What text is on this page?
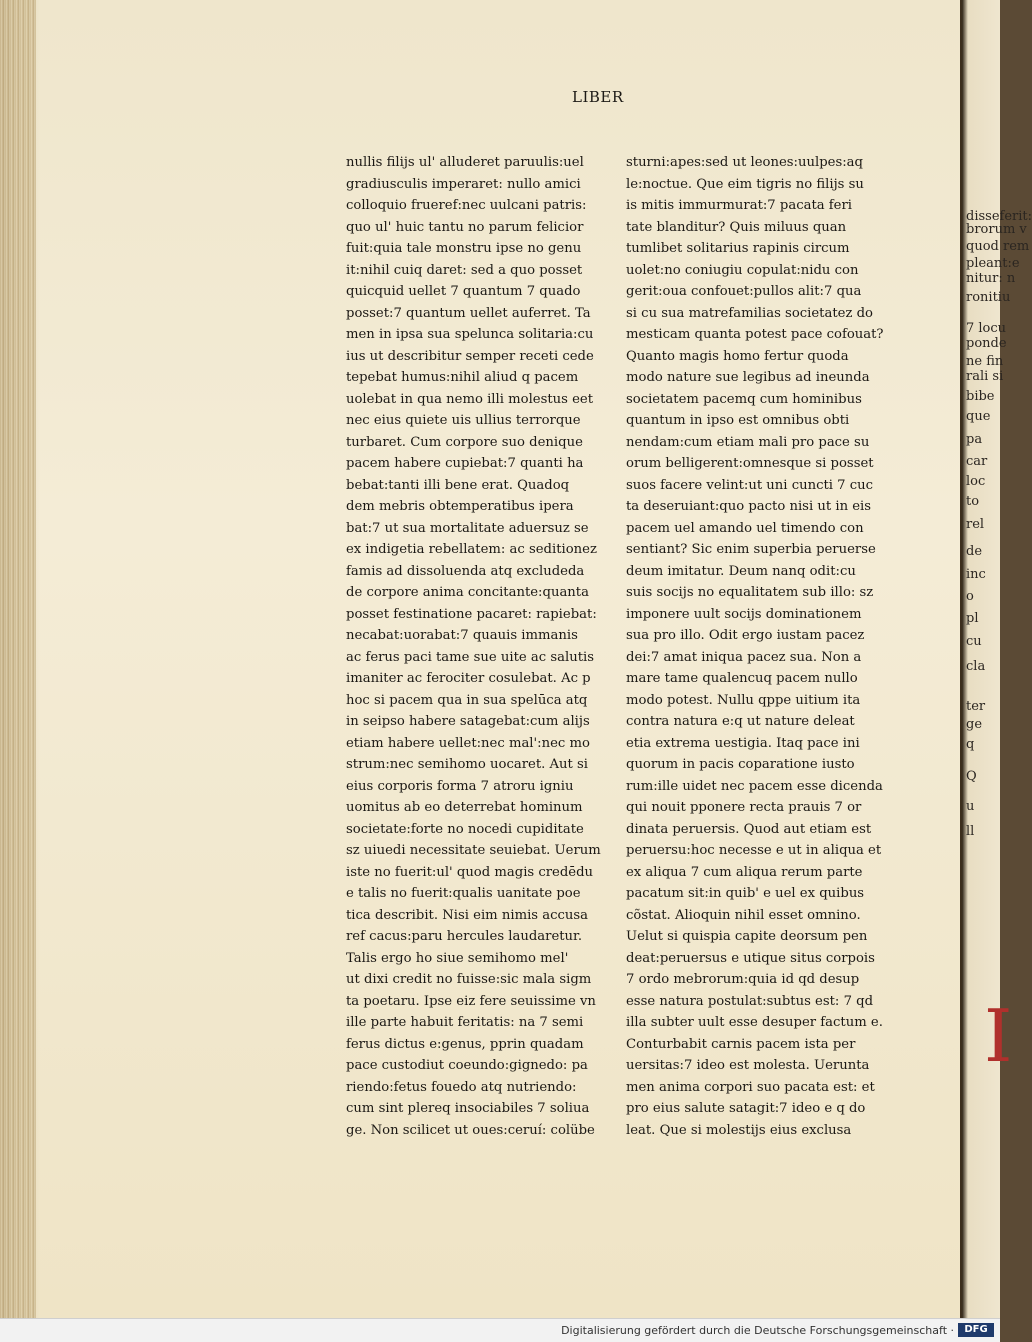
LIBER
nullis filijs ul' alluderet paruulis:uel
gradiusculis imperaret: nullo amici
colloquio frueref:nec uulcani patris:
quo ul' huic tantu no parum felicior
fuit:quia tale monstru ipse no genu
it:nihil cuiq daret: sed a quo posset
quicquid uellet 7 quantum 7 quado
posset:7 quantum uellet auferret. Ta
men in ipsa sua spelunca solitaria:cu
ius ut describitur semper receti cede
tepebat humus:nihil aliud q pacem
uolebat in qua nemo illi molestus eet
nec eius quiete uis ullius terrorque
turbaret. Cum corpore suo denique
pacem habere cupiebat:7 quanti ha
bebat:tanti illi bene erat. Quadoq
dem mebris obtemperatibus ipera
bat:7 ut sua mortalitate aduersuz se
ex indigetia rebellatem: ac seditionez
famis ad dissoluenda atq excludeda
de corpore anima concitante:quanta
posset festinatione pacaret: rapiebat:
necabat:uorabat:7 quauis immanis
ac ferus paci tame sue uite ac salutis
imaniter ac ferociter cosulebat. Ac p
hoc si pacem qua in sua spelūca atq
in seipso habere satagebat:cum alijs
etiam habere uellet:nec mal':nec mo
strum:nec semihomo uocaret. Aut si
eius corporis forma 7 atroru igniu
uomitus ab eo deterrebat hominum
societate:forte no nocedi cupiditate
sz uiuedi necessitate seuiebat. Uerum
iste no fuerit:ul' quod magis credēdu
e talis no fuerit:qualis uanitate poe
tica describit. Nisi eim nimis accusa
ref cacus:paru hercules laudaretur.
Talis ergo ho siue semihomo mel'
ut dixi credit no fuisse:sic mala sigm
ta poetaru. Ipse eiz fere seuissime vn
ille parte habuit feritatis: na 7 semi
ferus dictus e:genus, pprin quadam
pace custodiut coeundo:gignedo: pa
riendo:fetus fouedo atq nutriendo:
cum sint plereq insociabiles 7 soliua
ge. Non scilicet ut oues:ceruí: colübe
sturni:apes:sed ut leones:uulpes:aq
le:noctue. Que eim tigris no filijs su
is mitis immurmurat:7 pacata feri
tate blanditur? Quis miluus quan
tumlibet solitarius rapinis circum
uolet:no coniugiu copulat:nidu con
gerit:oua confouet:pullos alit:7 qua
si cu sua matrefamilias societatez do
mesticam quanta potest pace cofouat?
Quanto magis homo fertur quoda
modo nature sue legibus ad ineunda
societatem pacemq cum hominibus
quantum in ipso est omnibus obti
nendam:cum etiam mali pro pace su
orum belligerent:omnesque si posset
suos facere velint:ut uni cuncti 7 cuc
ta deseruiant:quo pacto nisi ut in eis
pacem uel amando uel timendo con
sentiant? Sic enim superbia peruerse
deum imitatur. Deum nanq odit:cu
suis socijs no equalitatem sub illo: sz
imponere uult socijs dominationem
sua pro illo. Odit ergo iustam pacez
dei:7 amat iniqua pacez sua. Non a
mare tame qualencuq pacem nullo
modo potest. Nullu qppe uitium ita
contra natura e:q ut nature deleat
etia extrema uestigia. Itaq pace ini
quorum in pacis coparatione iusto
rum:ille uidet nec pacem esse dicenda
qui nouit pponere recta prauis 7 or
dinata peruersis. Quod aut etiam est
peruersu:hoc necesse e ut in aliqua et
ex aliqua 7 cum aliqua rerum parte
pacatum sit:in quib' e uel ex quibus
cõstat. Alioquin nihil esset omnino.
Uelut si quispia capite deorsum pen
deat:peruersus e utique situs corpois
7 ordo mebrorum:quia id qd desup
esse natura postulat:subtus est: 7 qd
illa subter uult esse desuper factum e.
Conturbabit carnis pacem ista per
uersitas:7 ideo est molesta. Uerunta
men anima corpori suo pacata est: et
pro eius salute satagit:7 ideo e q do
leat. Que si molestijs eius exclusa
I
disseferit:
brorum v
quod rem
pleant:e
nitur: n
ronitiu
7 locu
ponde
ne fin
rali si
bibe
que
pa
car
loc
to
rel
de
inc
o
pl
cu
cla
ter
ge
q
Q
u
ll
Digitalisierung gefördert durch die Deutsche Forschungsgemeinschaft ·	DFG
